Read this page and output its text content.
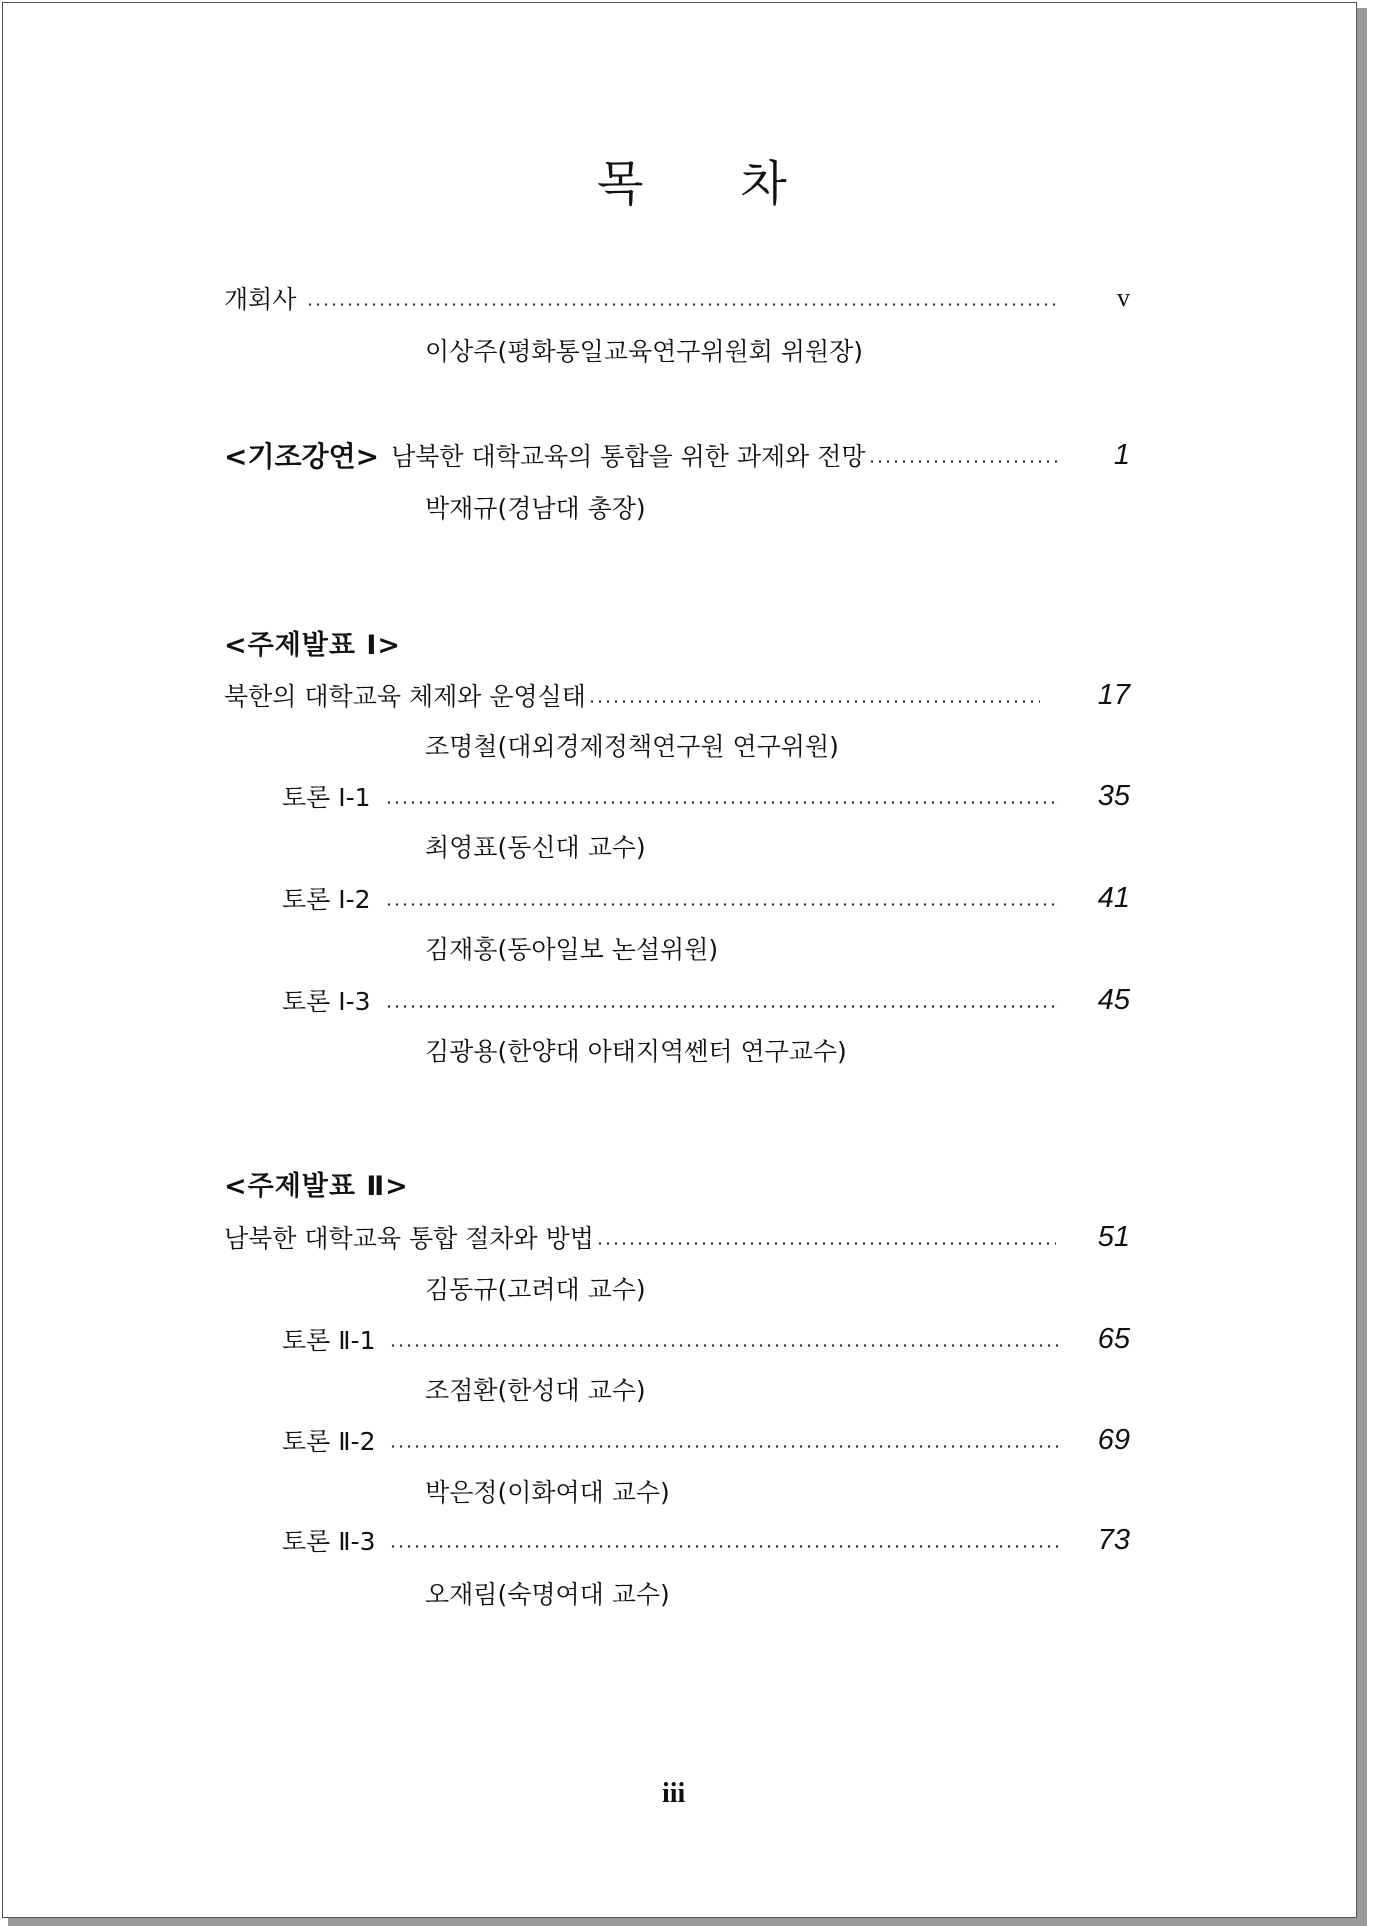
목 차
개회사	v
이상주(평화통일교육연구위원회 위원장)
<기조강연> 남북한 대학교육의 통합을 위한 과제와 전망	1
박재규(경남대 총장)
<주제발표 Ⅰ>
북한의 대학교육 체제와 운영실태	17
조명철(대외경제정책연구원 연구위원)
토론 Ⅰ-1	35
최영표(동신대 교수)
토론 Ⅰ-2	41
김재홍(동아일보 논설위원)
토론 Ⅰ-3	45
김광용(한양대 아태지역쎈터 연구교수)
<주제발표 Ⅱ>
남북한 대학교육 통합 절차와 방법	51
김동규(고려대 교수)
토론 Ⅱ-1	65
조점환(한성대 교수)
토론 Ⅱ-2	69
박은정(이화여대 교수)
토론 Ⅱ-3	73
오재림(숙명여대 교수)
iii
